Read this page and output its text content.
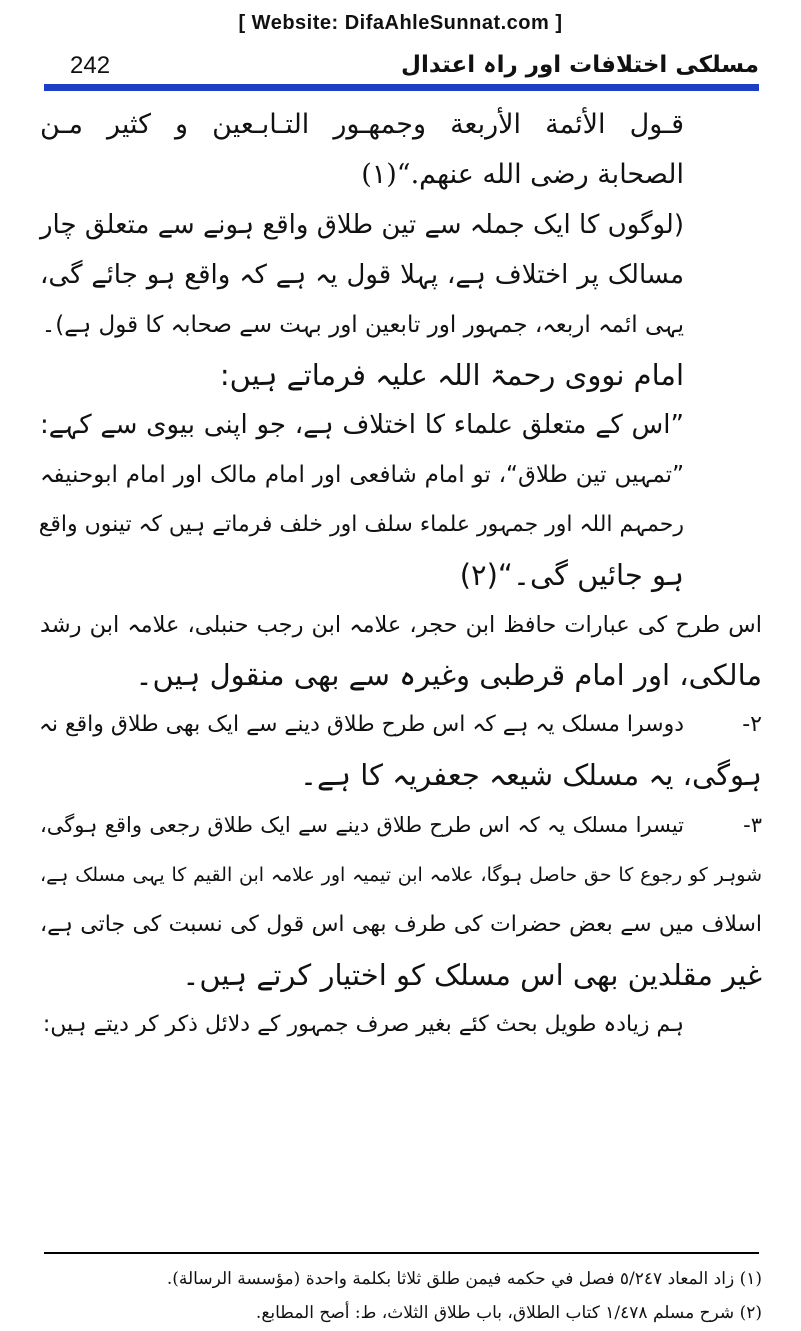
[ Website: DifaAhleSunnat.com ]
242	مسلکی اختلافات اور راہ اعتدال
قـول الأئمة الأربعة وجمهـور التـابـعين و كثير مـن
الصحابة رضى الله عنهم.“(١)
(لوگوں کا ایک جملہ سے تین طلاق واقع ہونے سے متعلق چار
مسالک پر اختلاف ہے، پہلا قول یہ ہے کہ واقع ہو جائے گی،
یہی ائمہ اربعہ، جمہور اور تابعین اور بہت سے صحابہ کا قول ہے)۔
امام نووی رحمۃ اللہ علیہ فرماتے ہیں:
”اس کے متعلق علماء کا اختلاف ہے، جو اپنی بیوی سے کہے:
”تمہیں تین طلاق“، تو امام شافعی اور امام مالک اور امام ابوحنیفہ
رحمہم اللہ اور جمہور علماء سلف اور خلف فرماتے ہیں کہ تینوں واقع
ہو جائیں گی۔“(۲)
اس طرح کی عبارات حافظ ابن حجر، علامہ ابن رجب حنبلی، علامہ ابن رشد
مالکی، اور امام قرطبی وغیرہ سے بھی منقول ہیں۔
۲-دوسرا مسلک یہ ہے کہ اس طرح طلاق دینے سے ایک بھی طلاق واقع نہ
ہوگی، یہ مسلک شیعہ جعفریہ کا ہے۔
۳-تیسرا مسلک یہ کہ اس طرح طلاق دینے سے ایک طلاق رجعی واقع ہوگی،
شوہر کو رجوع کا حق حاصل ہوگا، علامہ ابن تیمیہ اور علامہ ابن القیم کا یہی مسلک ہے،
اسلاف میں سے بعض حضرات کی طرف بھی اس قول کی نسبت کی جاتی ہے،
غیر مقلدین بھی اس مسلک کو اختیار کرتے ہیں۔
ہم زیادہ طویل بحث کئے بغیر صرف جمہور کے دلائل ذکر کر دیتے ہیں:
(١) زاد المعاد ٥/٢٤٧ فصل في حكمه فيمن طلق ثلاثا بكلمة واحدة (مؤسسة الرسالة).
(٢) شرح مسلم ١/٤٧٨ كتاب الطلاق، باب طلاق الثلاث، ط: أصح المطابع.
